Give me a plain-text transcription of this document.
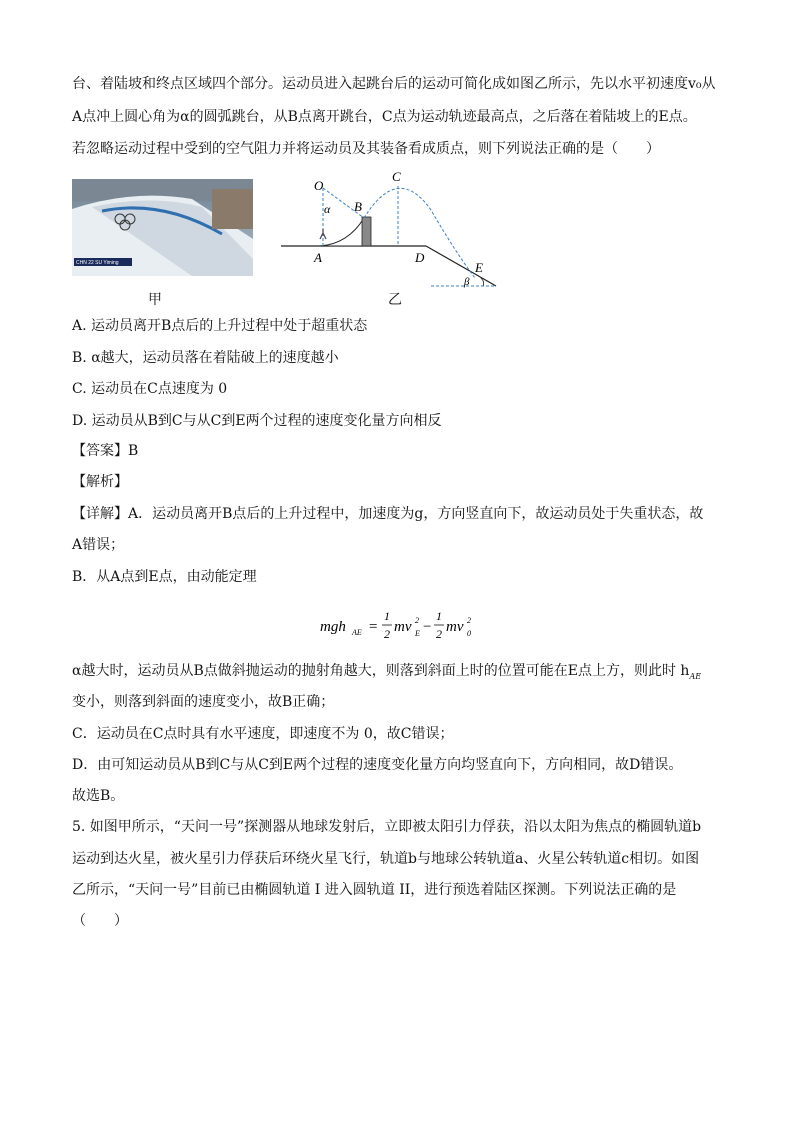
台、着陆坡和终点区域四个部分。运动员进入起跳台后的运动可简化成如图乙所示，先以水平初速度v₀从
A点冲上圆心角为α的圆弧跳台，从B点离开跳台，C点为运动轨迹最高点，之后落在着陆坡上的E点。
若忽略运动过程中受到的空气阻力并将运动员及其装备看成质点，则下列说法正确的是（　　）
CHN 22 SU Yiming
O
α B
C
A	D
E
β
甲	乙
A. 运动员离开B点后的上升过程中处于超重状态
B. α越大，运动员落在着陆破上的速度越小
C. 运动员在C点速度为 0
D. 运动员从B到C与从C到E两个过程的速度变化量方向相反
【答案】B
【解析】
【详解】A．运动员离开B点后的上升过程中，加速度为g，方向竖直向下，故运动员处于失重状态，故
A错误；
B．从A点到E点，由动能定理
mgh AE =
1
2 mv 2
E −
1
2 mv 2
0
α越大时，运动员从B点做斜抛运动的抛射角越大，则落到斜面上时的位置可能在E点上方，则此时 $h_{AE}$
变小，则落到斜面的速度变小，故B正确；
C．运动员在C点时具有水平速度，即速度不为 0，故C错误；
D．由可知运动员从B到C与从C到E两个过程的速度变化量方向均竖直向下，方向相同，故D错误。
故选B。
5. 如图甲所示，“天问一号”探测器从地球发射后，立即被太阳引力俘获，沿以太阳为焦点的椭圆轨道b
运动到达火星，被火星引力俘获后环绕火星飞行，轨道b与地球公转轨道a、火星公转轨道c相切。如图
乙所示，“天问一号”目前已由椭圆轨道 I 进入圆轨道 II，进行预选着陆区探测。下列说法正确的是
（　　）
